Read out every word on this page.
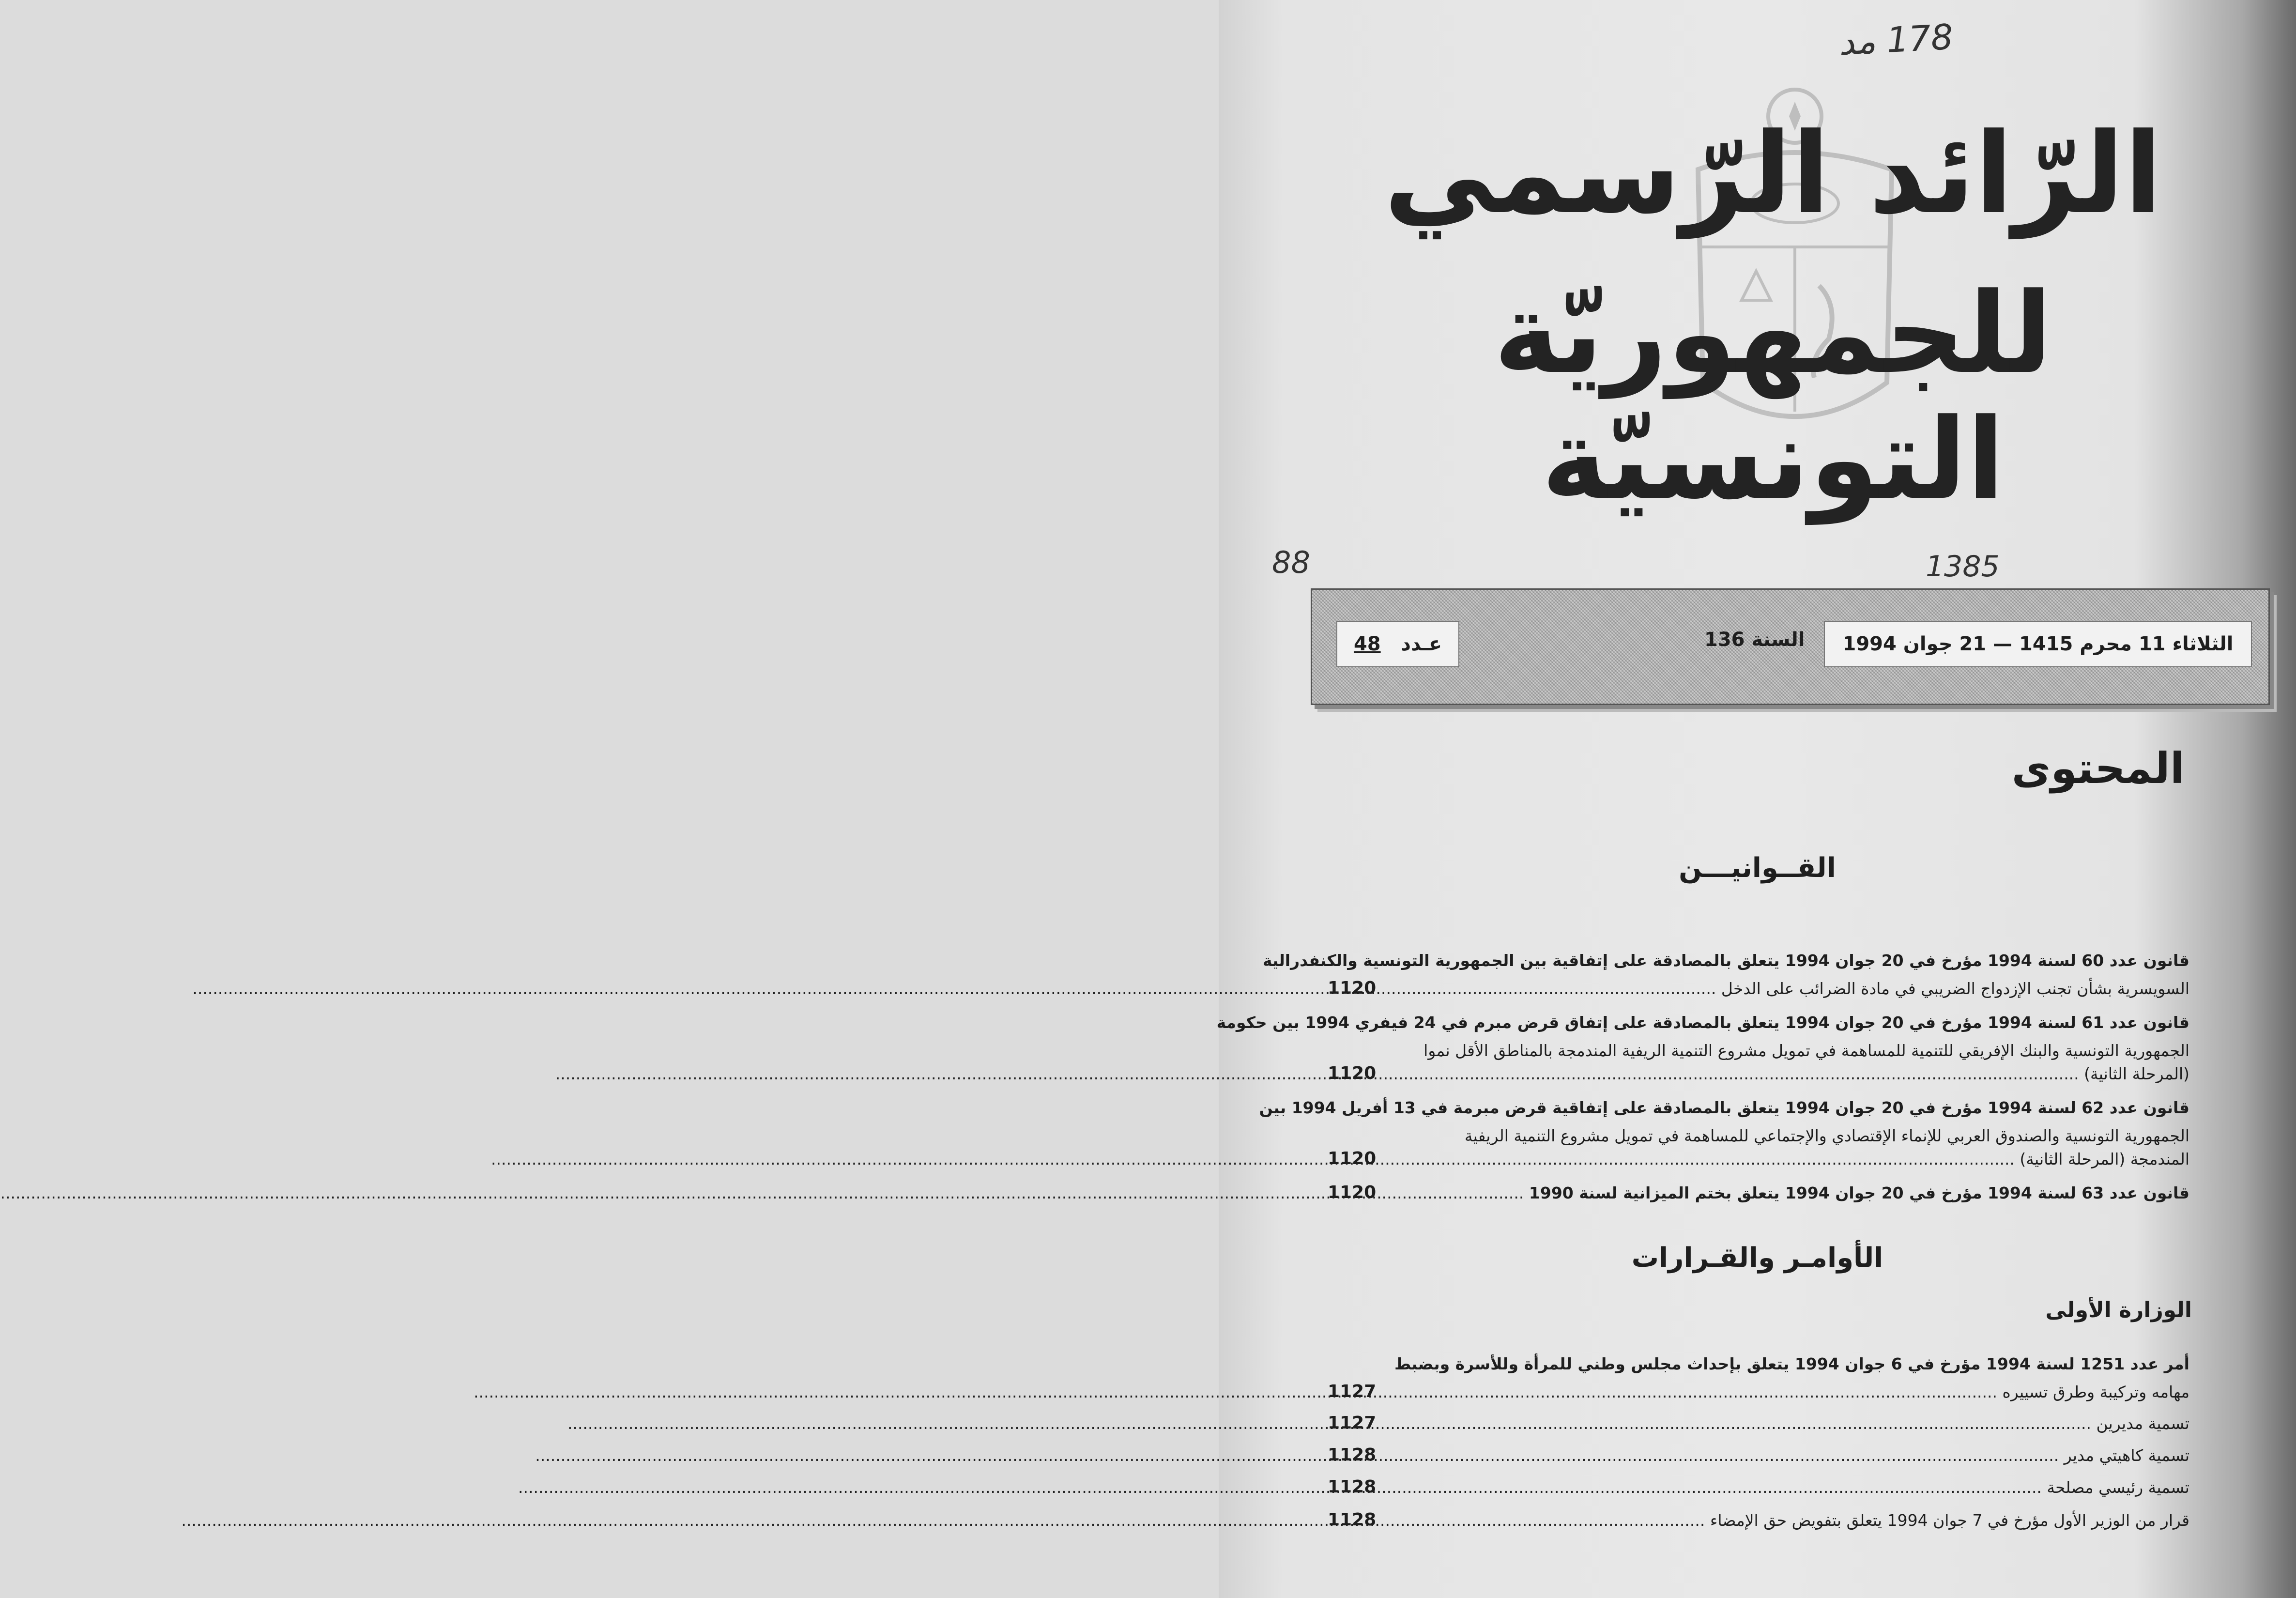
178 مد
88	1385
الرّائد الرّسمي
للجمهوريّة التونسيّة
الثلاثاء 11 محرم 1415 — 21 جوان 1994
السنة 136
عـدد   48
المحتوى
القــوانيـــن
قانون عدد 60 لسنة 1994 مؤرخ في 20 جوان 1994 يتعلق بالمصادقة على إتفاقية بين الجمهورية التونسية والكنفدرالية
السويسرية بشأن تجنب الإزدواج الضريبي في مادة الضرائب على الدخل .....
1120
قانون عدد 61 لسنة 1994 مؤرخ في 20 جوان 1994 يتعلق بالمصادقة على إتفاق قرض مبرم في 24 فيفري 1994 بين حكومة
الجمهورية التونسية والبنك الإفريقي للتنمية للمساهمة في تمويل مشروع التنمية الريفية المندمجة بالمناطق الأقل نموا
(المرحلة الثانية) .....
1120
قانون عدد 62 لسنة 1994 مؤرخ في 20 جوان 1994 يتعلق بالمصادقة على إتفاقية قرض مبرمة في 13 أفريل 1994 بين
الجمهورية التونسية والصندوق العربي للإنماء الإقتصادي والإجتماعي للمساهمة في تمويل مشروع التنمية الريفية
المندمجة (المرحلة الثانية) .....
1120
قانون عدد 63 لسنة 1994 مؤرخ في 20 جوان 1994 يتعلق بختم الميزانية لسنة 1990 .....
1120
الأوامـر والقـرارات
الوزارة الأولى
أمر عدد 1251 لسنة 1994 مؤرخ في 6 جوان 1994 يتعلق بإحداث مجلس وطني للمرأة وللأسرة وبضبط
مهامه وتركيبة وطرق تسييره .....
1127
تسمية مديرين .....
1127
تسمية كاهيتي مدير .....
1128
تسمية رئيسي مصلحة .....
1128
قرار من الوزير الأول مؤرخ في 7 جوان 1994 يتعلق بتفويض حق الإمضاء .....
1128
